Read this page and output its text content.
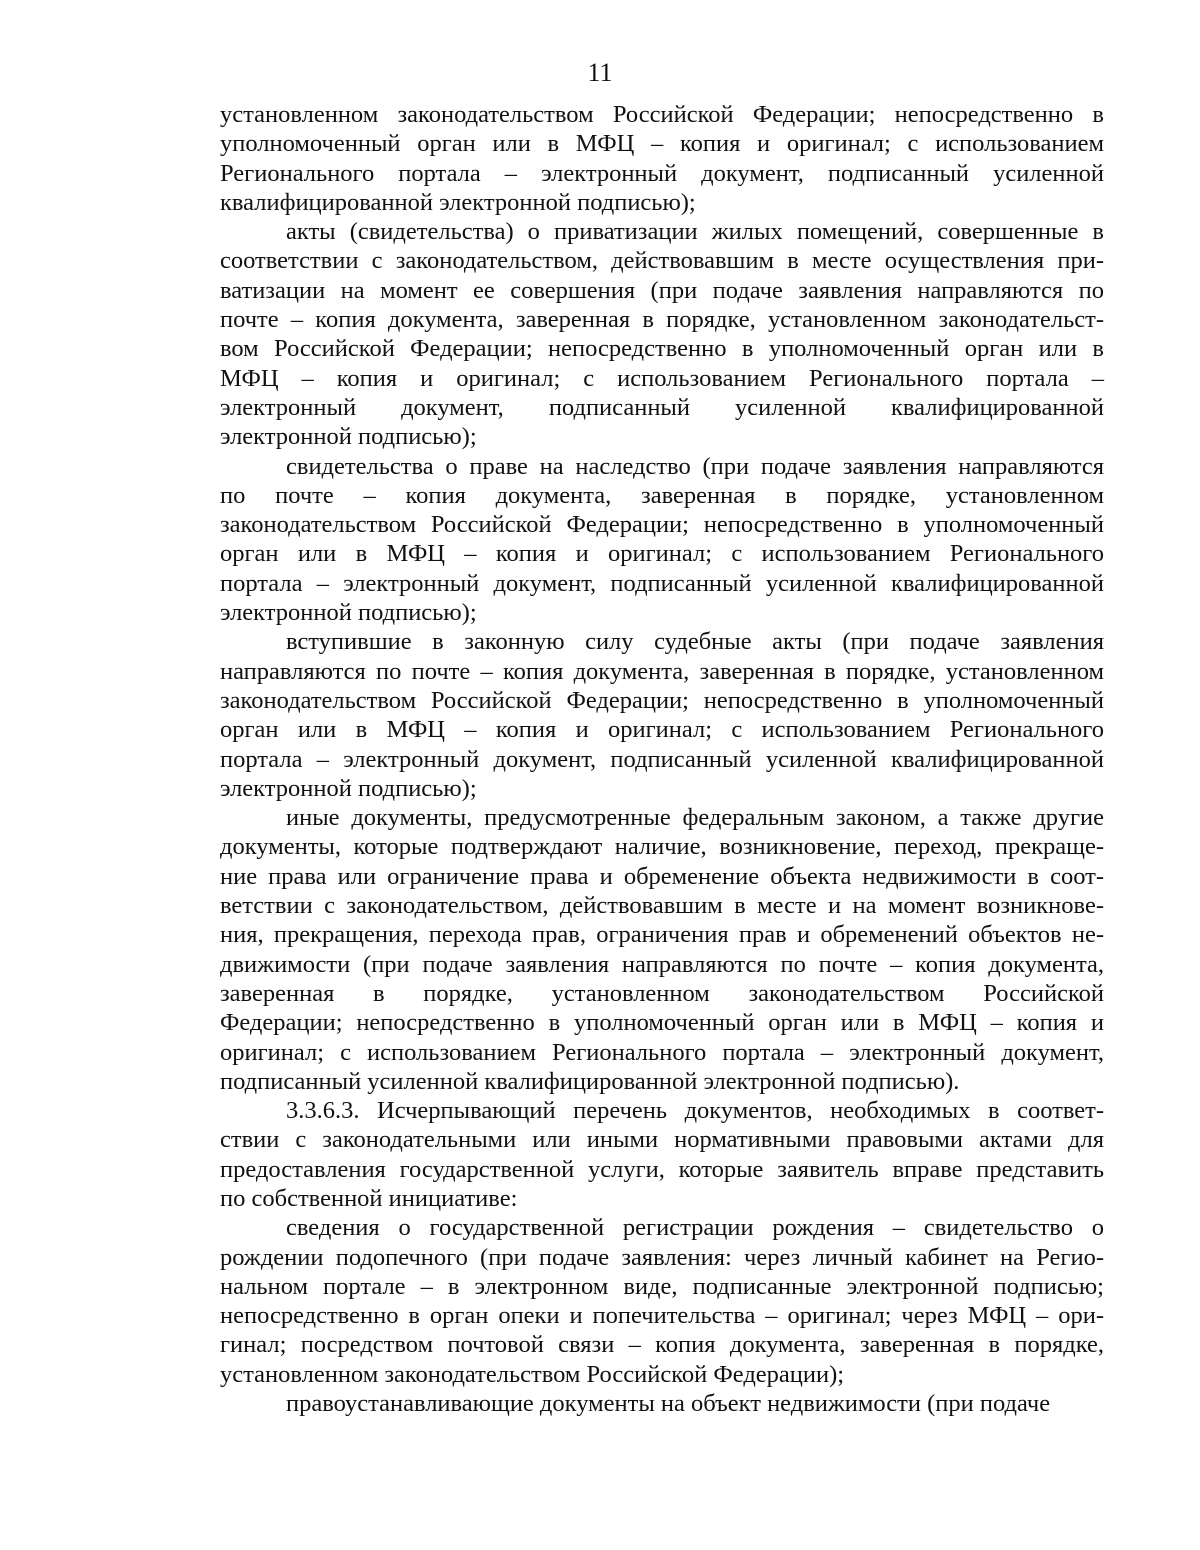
11
установленном законодательством Российской Федерации; непосредственно в
уполномоченный орган или в МФЦ – копия и оригинал; с использованием
Регионального портала – электронный документ, подписанный усиленной
квалифицированной электронной подписью);
акты (свидетельства) о приватизации жилых помещений, совершенные в
соответствии с законодательством, действовавшим в месте осуществления при-
ватизации на момент ее совершения (при подаче заявления направляются по
почте – копия документа, заверенная в порядке, установленном законодательст-
вом Российской Федерации; непосредственно в уполномоченный орган или в
МФЦ – копия и оригинал; с использованием Регионального портала –
электронный документ, подписанный усиленной квалифицированной
электронной подписью);
свидетельства о праве на наследство (при подаче заявления направляются
по почте – копия документа, заверенная в порядке, установленном
законодательством Российской Федерации; непосредственно в уполномоченный
орган или в МФЦ – копия и оригинал; с использованием Регионального
портала – электронный документ, подписанный усиленной квалифицированной
электронной подписью);
вступившие в законную силу судебные акты (при подаче заявления
направляются по почте – копия документа, заверенная в порядке, установленном
законодательством Российской Федерации; непосредственно в уполномоченный
орган или в МФЦ – копия и оригинал; с использованием Регионального
портала – электронный документ, подписанный усиленной квалифицированной
электронной подписью);
иные документы, предусмотренные федеральным законом, а также другие
документы, которые подтверждают наличие, возникновение, переход, прекраще-
ние права или ограничение права и обременение объекта недвижимости в соот-
ветствии с законодательством, действовавшим в месте и на момент возникнове-
ния, прекращения, перехода прав, ограничения прав и обременений объектов не-
движимости (при подаче заявления направляются по почте – копия документа,
заверенная в порядке, установленном законодательством Российской
Федерации; непосредственно в уполномоченный орган или в МФЦ – копия и
оригинал; с использованием Регионального портала – электронный документ,
подписанный усиленной квалифицированной электронной подписью).
3.3.6.3. Исчерпывающий перечень документов, необходимых в соответ-
ствии с законодательными или иными нормативными правовыми актами для
предоставления государственной услуги, которые заявитель вправе представить
по собственной инициативе:
сведения о государственной регистрации рождения – свидетельство о
рождении подопечного (при подаче заявления: через личный кабинет на Регио-
нальном портале – в электронном виде, подписанные электронной подписью;
непосредственно в орган опеки и попечительства – оригинал; через МФЦ – ори-
гинал; посредством почтовой связи – копия документа, заверенная в порядке,
установленном законодательством Российской Федерации);
правоустанавливающие документы на объект недвижимости (при подаче
